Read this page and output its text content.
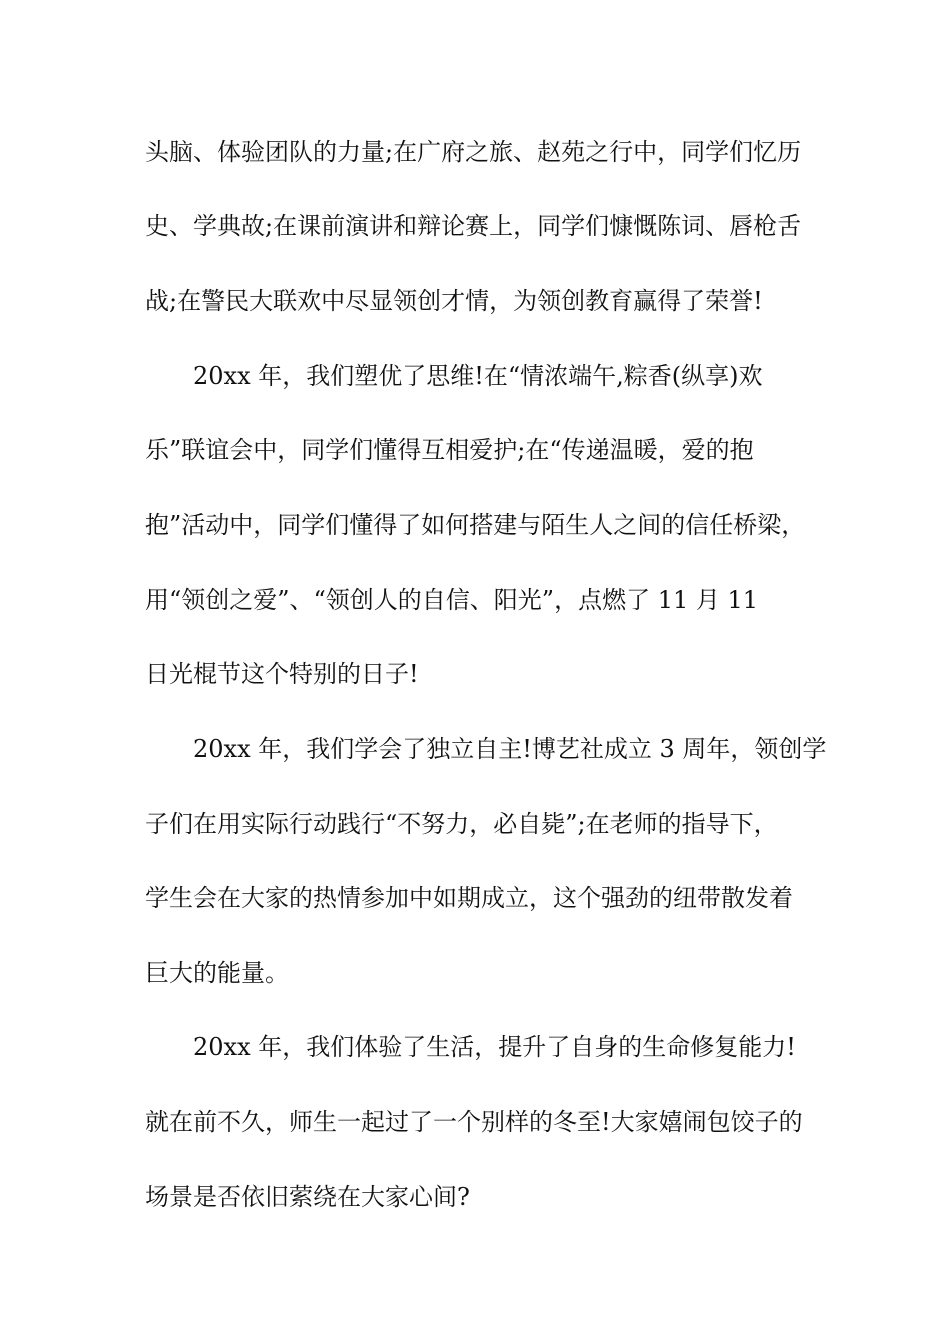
头脑、体验团队的力量;在广府之旅、赵苑之行中，同学们忆历
史、学典故;在课前演讲和辩论赛上，同学们慷慨陈词、唇枪舌
战;在警民大联欢中尽显领创才情，为领创教育赢得了荣誉!
20xx 年，我们塑优了思维!在“情浓端午,粽香(纵享)欢
乐”联谊会中，同学们懂得互相爱护;在“传递温暖，爱的抱
抱”活动中，同学们懂得了如何搭建与陌生人之间的信任桥梁，
用“领创之爱”、“领创人的自信、阳光”，点燃了 11 月 11
日光棍节这个特别的日子!
20xx 年，我们学会了独立自主!博艺社成立 3 周年，领创学
子们在用实际行动践行“不努力，必自毙”;在老师的指导下，
学生会在大家的热情参加中如期成立，这个强劲的纽带散发着
巨大的能量。
20xx 年，我们体验了生活，提升了自身的生命修复能力!
就在前不久，师生一起过了一个别样的冬至!大家嬉闹包饺子的
场景是否依旧萦绕在大家心间?
